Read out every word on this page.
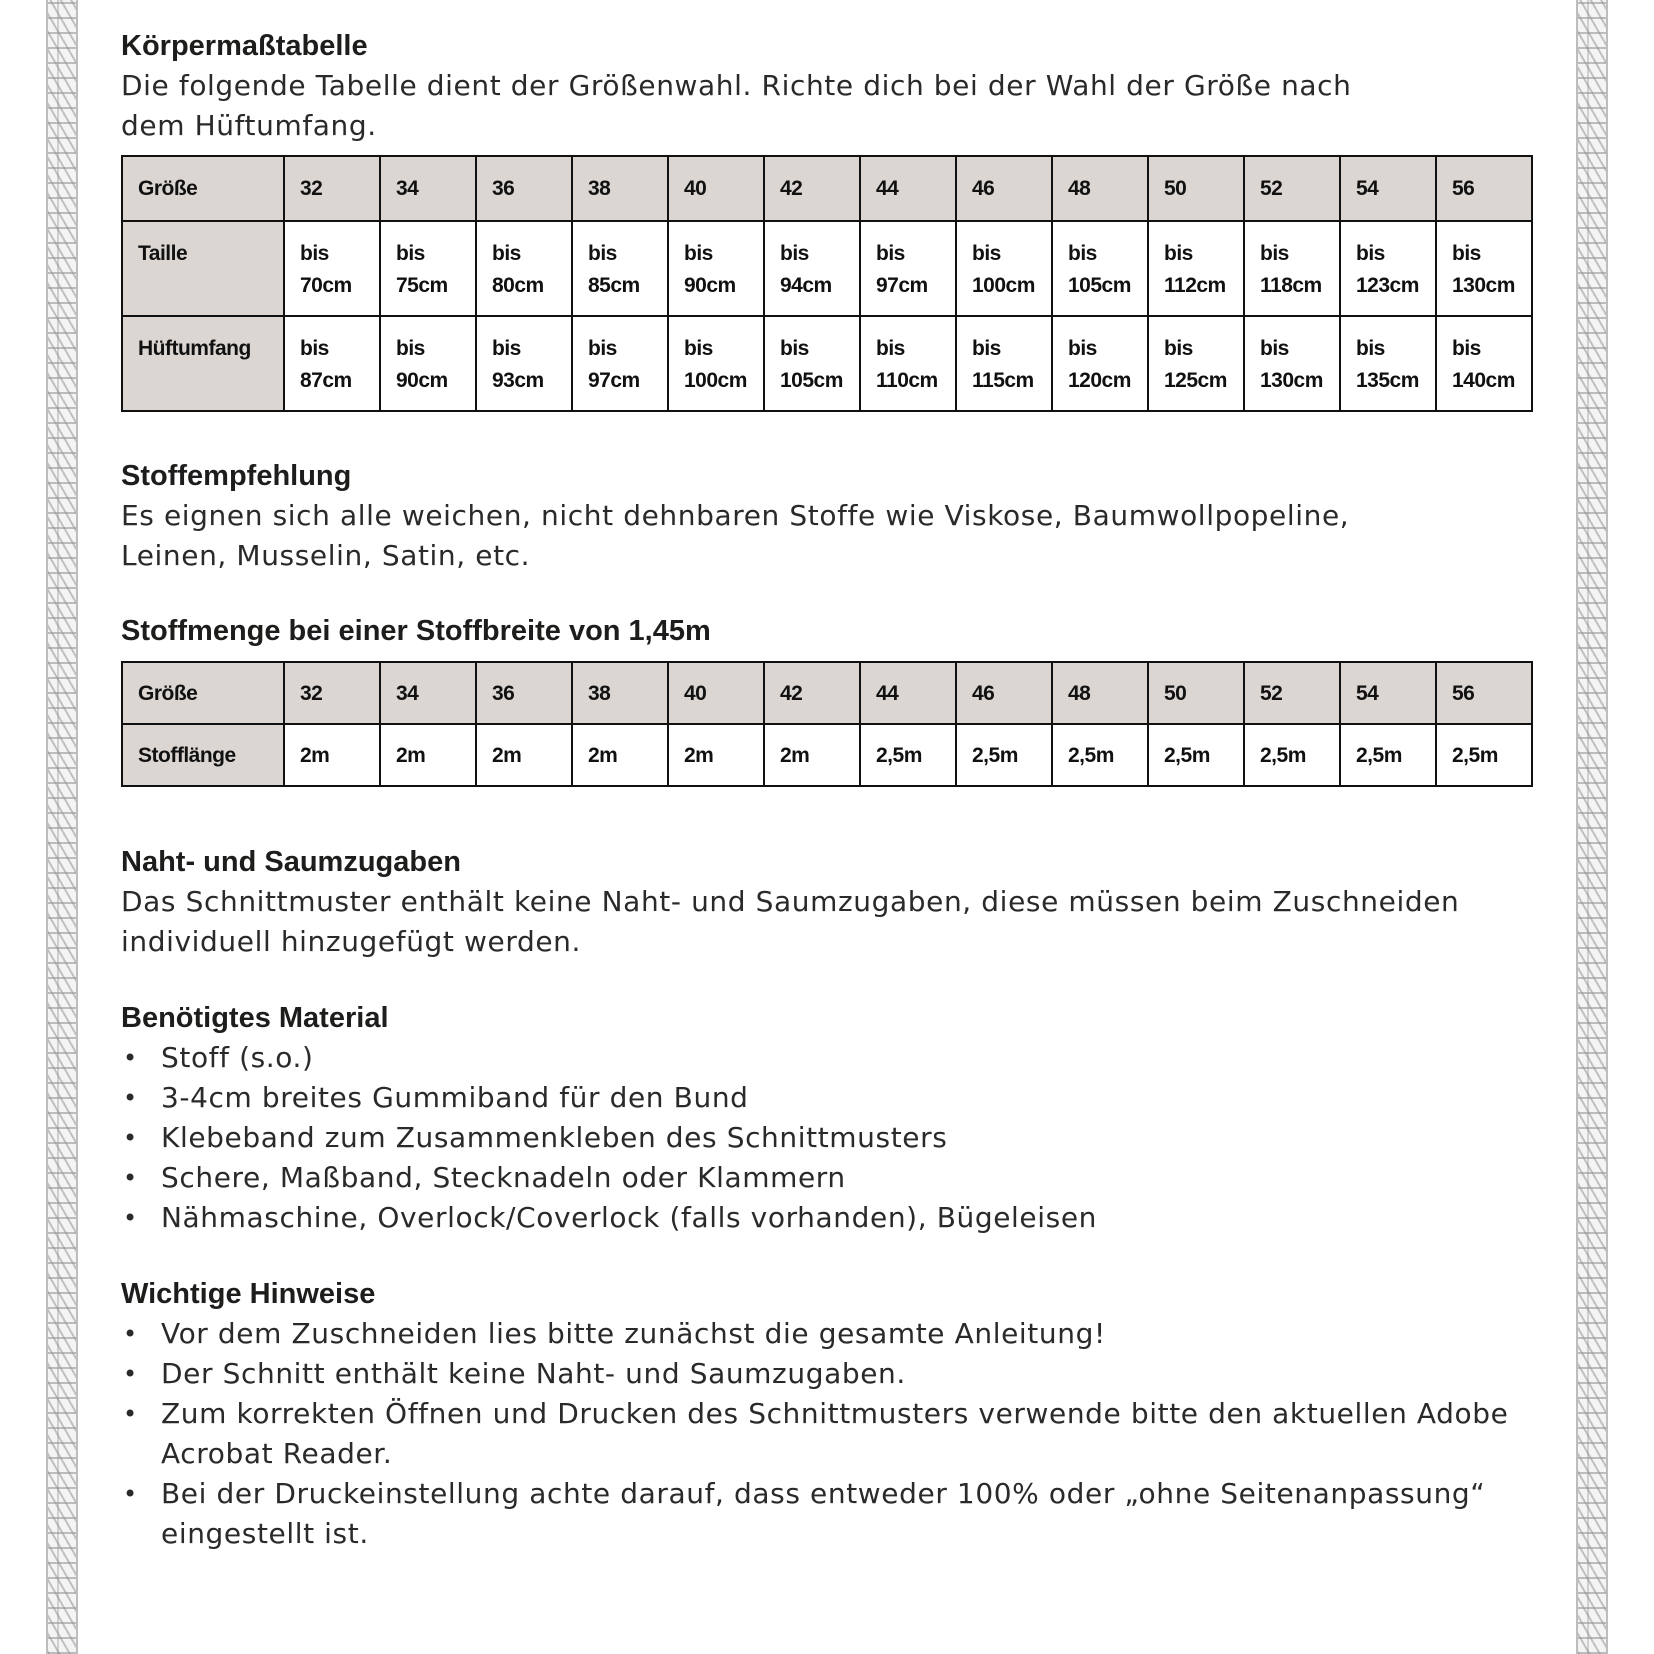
Körpermaßtabelle

Die folgende Tabelle dient der Größenwahl. Richte dich bei der Wahl der Größe nach dem Hüftumfang.

Größe	32	34	36	38	40	42	44	46	48	50	52	54	56
Taille	bis 70cm	bis 75cm	bis 80cm	bis 85cm	bis 90cm	bis 94cm	bis 97cm	bis 100cm	bis 105cm	bis 112cm	bis 118cm	bis 123cm	bis 130cm
Hüftumfang	bis 87cm	bis 90cm	bis 93cm	bis 97cm	bis 100cm	bis 105cm	bis 110cm	bis 115cm	bis 120cm	bis 125cm	bis 130cm	bis 135cm	bis 140cm
Stoffempfehlung

Es eignen sich alle weichen, nicht dehnbaren Stoffe wie Viskose, Baumwollpopeline, Leinen, Musselin, Satin, etc.

Stoffmenge bei einer Stoffbreite von 1,45m
Größe	32	34	36	38	40	42	44	46	48	50	52	54	56
Stofflänge	2m	2m	2m	2m	2m	2m	2,5m	2,5m	2,5m	2,5m	2,5m	2,5m	2,5m
Naht- und Saumzugaben

Das Schnittmuster enthält keine Naht- und Saumzugaben, diese müssen beim Zuschneiden individuell hinzugefügt werden.

Benötigtes Material
• Stoff (s.o.)
• 3-4cm breites Gummiband für den Bund
• Klebeband zum Zusammenkleben des Schnittmusters
• Schere, Maßband, Stecknadeln oder Klammern
• Nähmaschine, Overlock/Coverlock (falls vorhanden), Bügeleisen
Wichtige Hinweise
• Vor dem Zuschneiden lies bitte zunächst die gesamte Anleitung!
• Der Schnitt enthält keine Naht- und Saumzugaben.
• Zum korrekten Öffnen und Drucken des Schnittmusters verwende bitte den aktuellen Adobe Acrobat Reader.
• Bei der Druckeinstellung achte darauf, dass entweder 100% oder „ohne Seitenanpassung“ eingestellt ist.
